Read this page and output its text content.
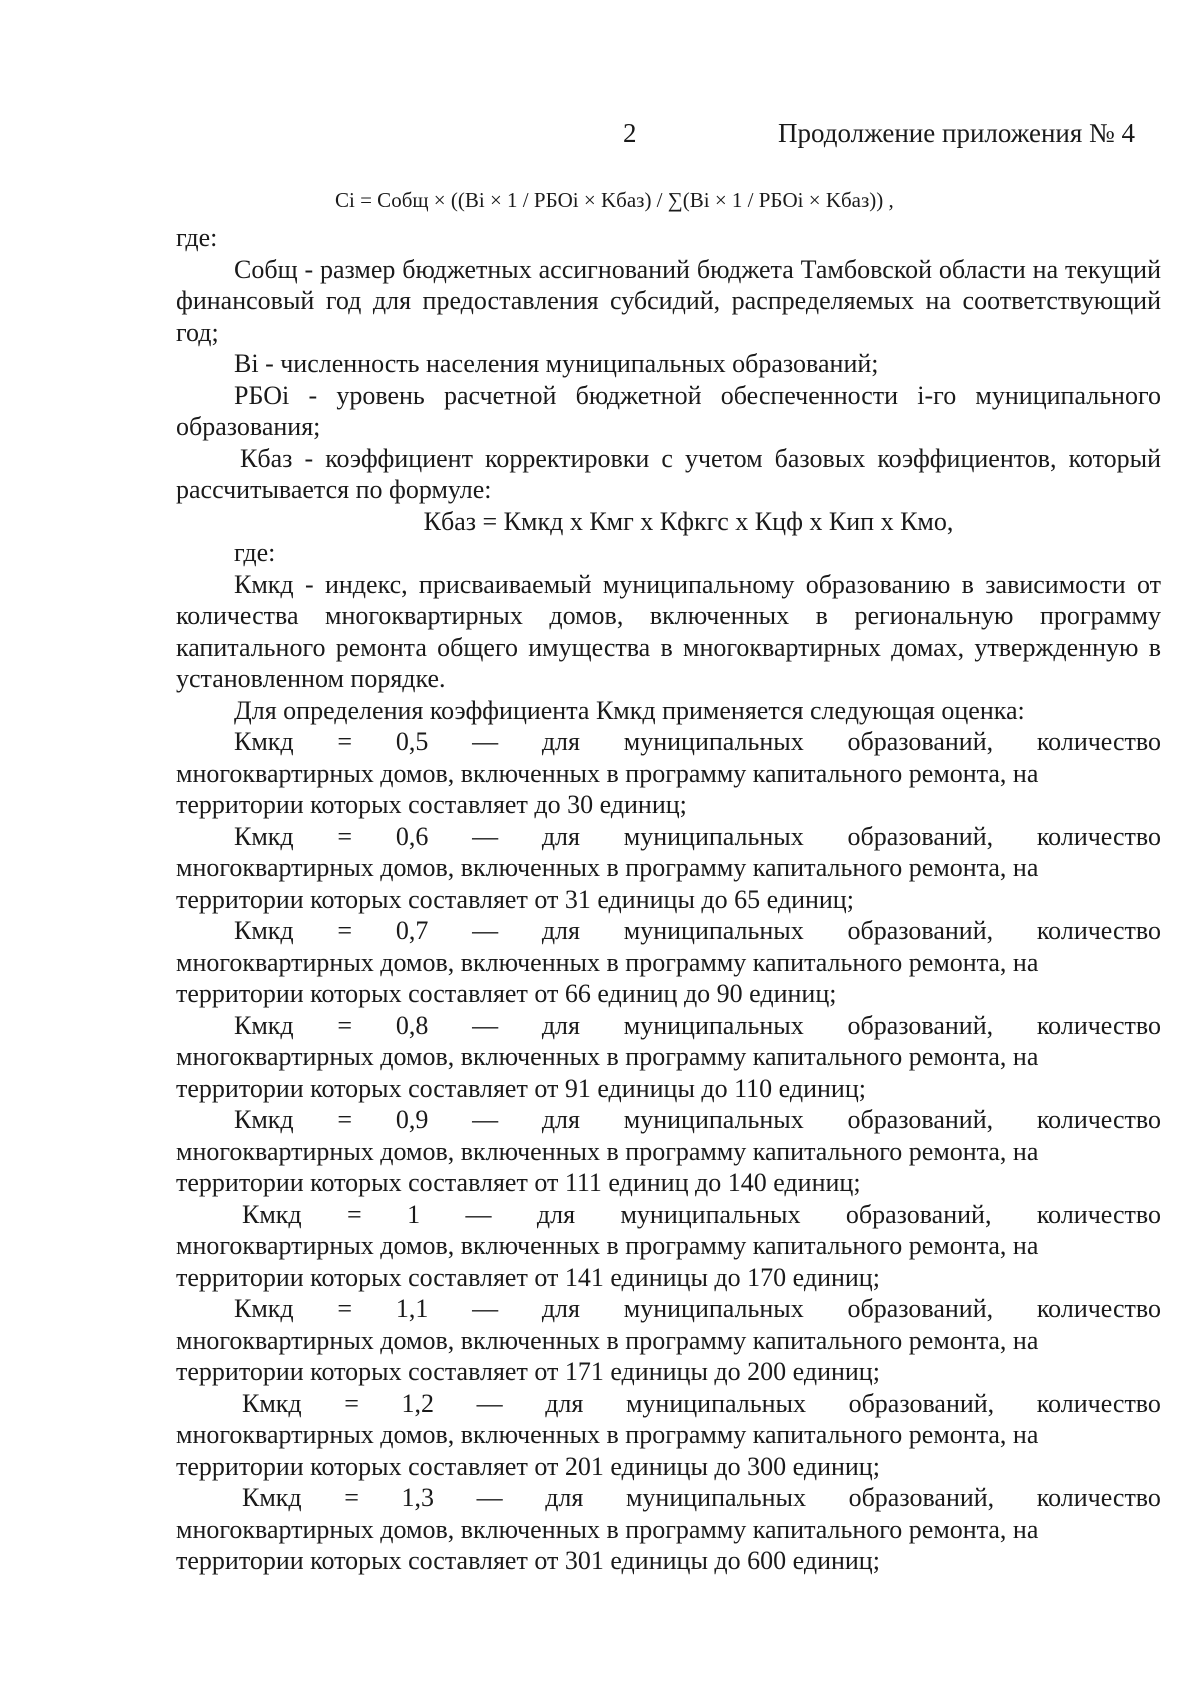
2	Продолжение приложения № 4
Ci = Cобщ × ((Bi × 1 / PБOi × Kбаз) / ∑(Bi × 1 / PБOi × Kбаз)) ,

где:

Cобщ - размер бюджетных ассигнований бюджета Тамбовской области на текущий финансовый год для предоставления субсидий, распределяемых на соответствующий год;

Вi - численность населения муниципальных образований;

РБОi - уровень расчетной бюджетной обеспеченности i-го муниципального образования;

Кбаз - коэффициент корректировки с учетом базовых коэффициентов, который рассчитывается по формуле:

Кбаз = Кмкд х Кмг х Кфкгс х Кцф х Кип х Кмо,

где:

Кмкд - индекс, присваиваемый муниципальному образованию в зависимости от количества многоквартирных домов, включенных в региональную программу капитального ремонта общего имущества в многоквартирных домах, утвержденную в установленном порядке.

Для определения коэффициента Кмкд применяется следующая оценка:

Кмкд = 0,5 — для муниципальных образований, количество
многоквартирных домов, включенных в программу капитального ремонта, на
территории которых составляет до 30 единиц;
Кмкд = 0,6 — для муниципальных образований, количество
многоквартирных домов, включенных в программу капитального ремонта, на
территории которых составляет от 31 единицы до 65 единиц;
Кмкд = 0,7 — для муниципальных образований, количество
многоквартирных домов, включенных в программу капитального ремонта, на
территории которых составляет от 66 единиц до 90 единиц;
Кмкд = 0,8 — для муниципальных образований, количество
многоквартирных домов, включенных в программу капитального ремонта, на
территории которых составляет от 91 единицы до 110 единиц;
Кмкд = 0,9 — для муниципальных образований, количество
многоквартирных домов, включенных в программу капитального ремонта, на
территории которых составляет от 111 единиц до 140 единиц;
Кмкд = 1 — для муниципальных образований, количество
многоквартирных домов, включенных в программу капитального ремонта, на
территории которых составляет от 141 единицы до 170 единиц;
Кмкд = 1,1 — для муниципальных образований, количество
многоквартирных домов, включенных в программу капитального ремонта, на
территории которых составляет от 171 единицы до 200 единиц;
Кмкд = 1,2 — для муниципальных образований, количество
многоквартирных домов, включенных в программу капитального ремонта, на
территории которых составляет от 201 единицы до 300 единиц;
Кмкд = 1,3 — для муниципальных образований, количество
многоквартирных домов, включенных в программу капитального ремонта, на
территории которых составляет от 301 единицы до 600 единиц;
